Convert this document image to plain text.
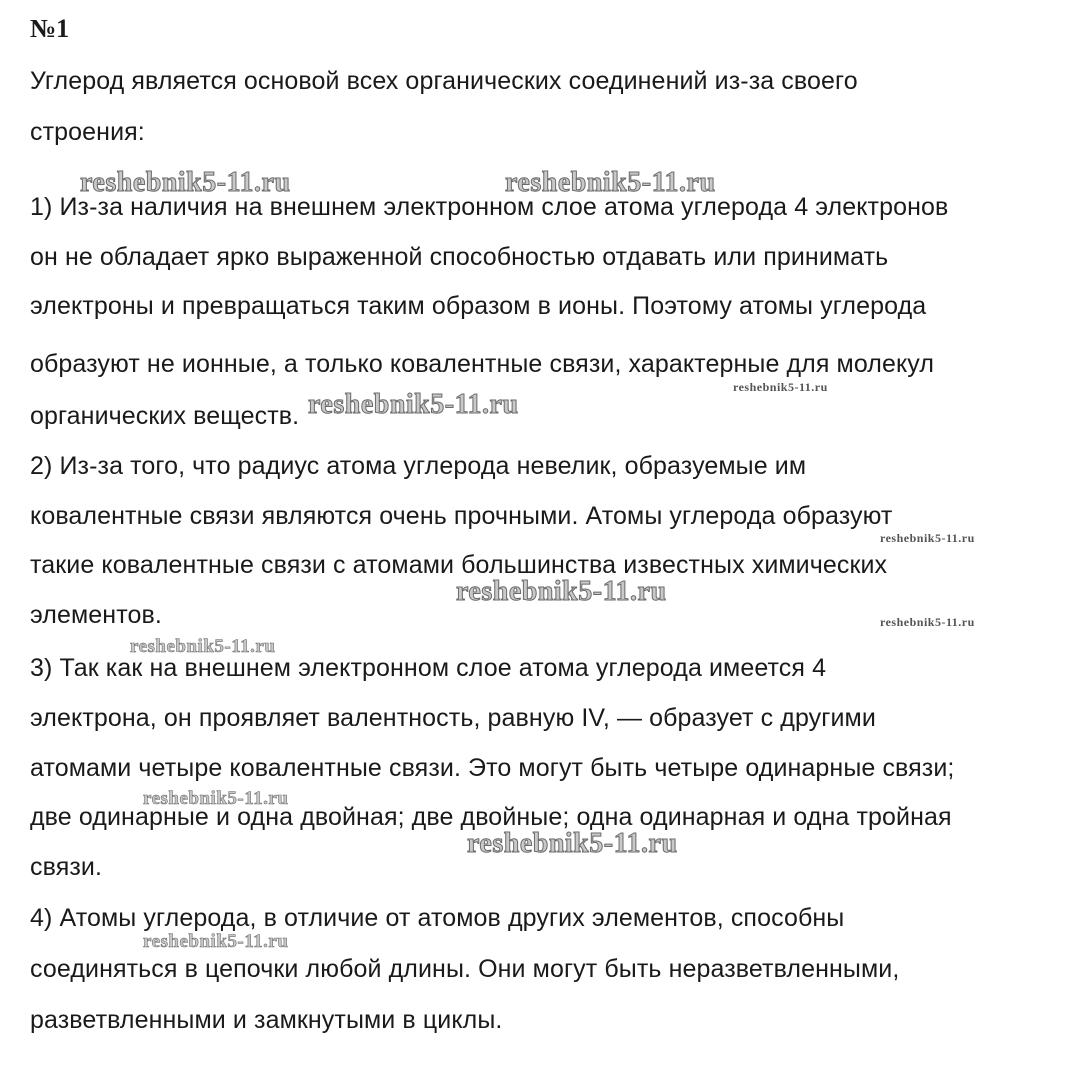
№1
Углерод является основой всех органических соединений из-за своего
строения:
1) Из-за наличия на внешнем электронном слое атома углерода 4 электронов
он не обладает ярко выраженной способностью отдавать или принимать
электроны и превращаться таким образом в ионы. Поэтому атомы углерода
образуют не ионные, а только ковалентные связи, характерные для молекул
органических веществ.
2) Из-за того, что радиус атома углерода невелик, образуемые им
ковалентные связи являются очень прочными. Атомы углерода образуют
такие ковалентные связи с атомами большинства известных химических
элементов.
3) Так как на внешнем электронном слое атома углерода имеется 4
электрона, он проявляет валентность, равную IV, — образует с другими
атомами четыре ковалентные связи. Это могут быть четыре одинарные связи;
две одинарные и одна двойная; две двойные; одна одинарная и одна тройная
связи.
4) Атомы углерода, в отличие от атомов других элементов, способны
соединяться в цепочки любой длины. Они могут быть неразветвленными,
разветвленными и замкнутыми в циклы.
reshebnik5-11.ru	reshebnik5-11.ru
reshebnik5-11.ru
reshebnik5-11.ru
reshebnik5-11.ru
reshebnik5-11.ru
reshebnik5-11.ru
reshebnik5-11.ru
reshebnik5-11.ru
reshebnik5-11.ru
reshebnik5-11.ru
